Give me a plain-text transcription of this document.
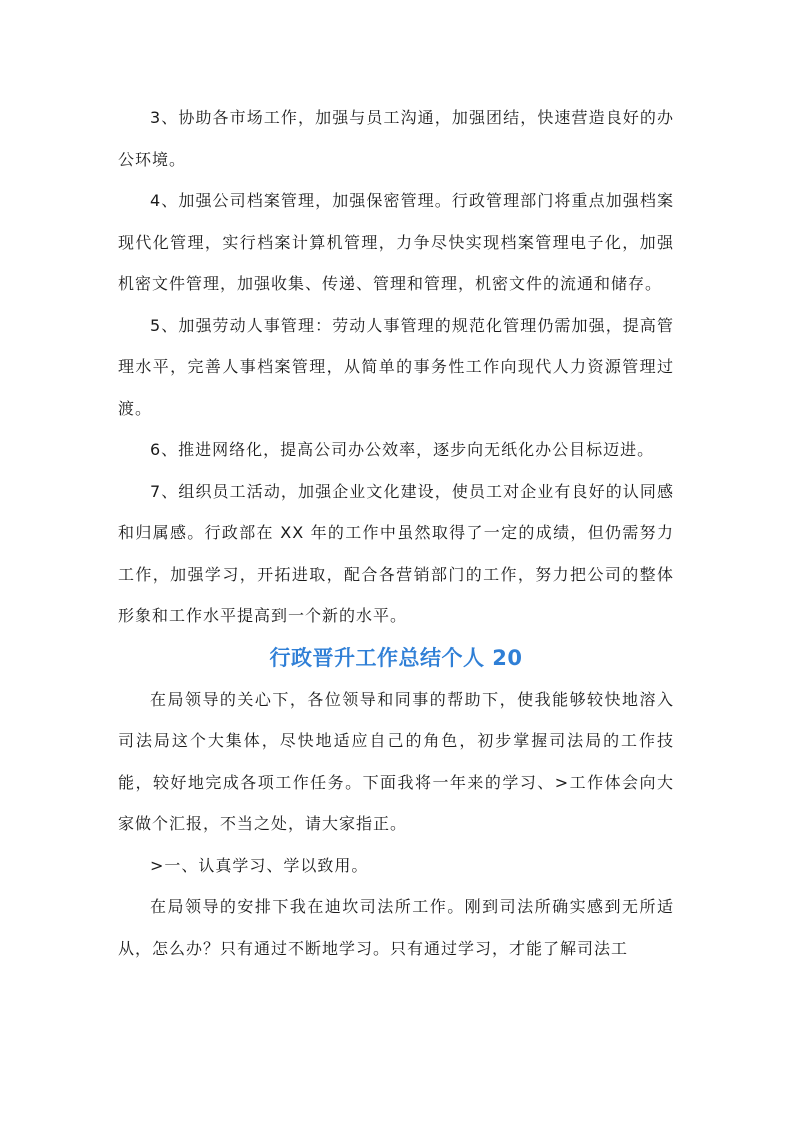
3、协助各市场工作，加强与员工沟通，加强团结，快速营造良好的办公环境。

4、加强公司档案管理，加强保密管理。行政管理部门将重点加强档案现代化管理，实行档案计算机管理，力争尽快实现档案管理电子化，加强机密文件管理，加强收集、传递、管理和管理，机密文件的流通和储存。

5、加强劳动人事管理：劳动人事管理的规范化管理仍需加强，提高管理水平，完善人事档案管理，从简单的事务性工作向现代人力资源管理过渡。

6、推进网络化，提高公司办公效率，逐步向无纸化办公目标迈进。

7、组织员工活动，加强企业文化建设，使员工对企业有良好的认同感和归属感。行政部在 XX 年的工作中虽然取得了一定的成绩，但仍需努力工作，加强学习，开拓进取，配合各营销部门的工作，努力把公司的整体形象和工作水平提高到一个新的水平。

行政晋升工作总结个人 20

在局领导的关心下，各位领导和同事的帮助下，使我能够较快地溶入司法局这个大集体，尽快地适应自己的角色，初步掌握司法局的工作技能，较好地完成各项工作任务。下面我将一年来的学习、>工作体会向大家做个汇报，不当之处，请大家指正。

>一、认真学习、学以致用。

在局领导的安排下我在迪坎司法所工作。刚到司法所确实感到无所适从，怎么办？只有通过不断地学习。只有通过学习，才能了解司法工
